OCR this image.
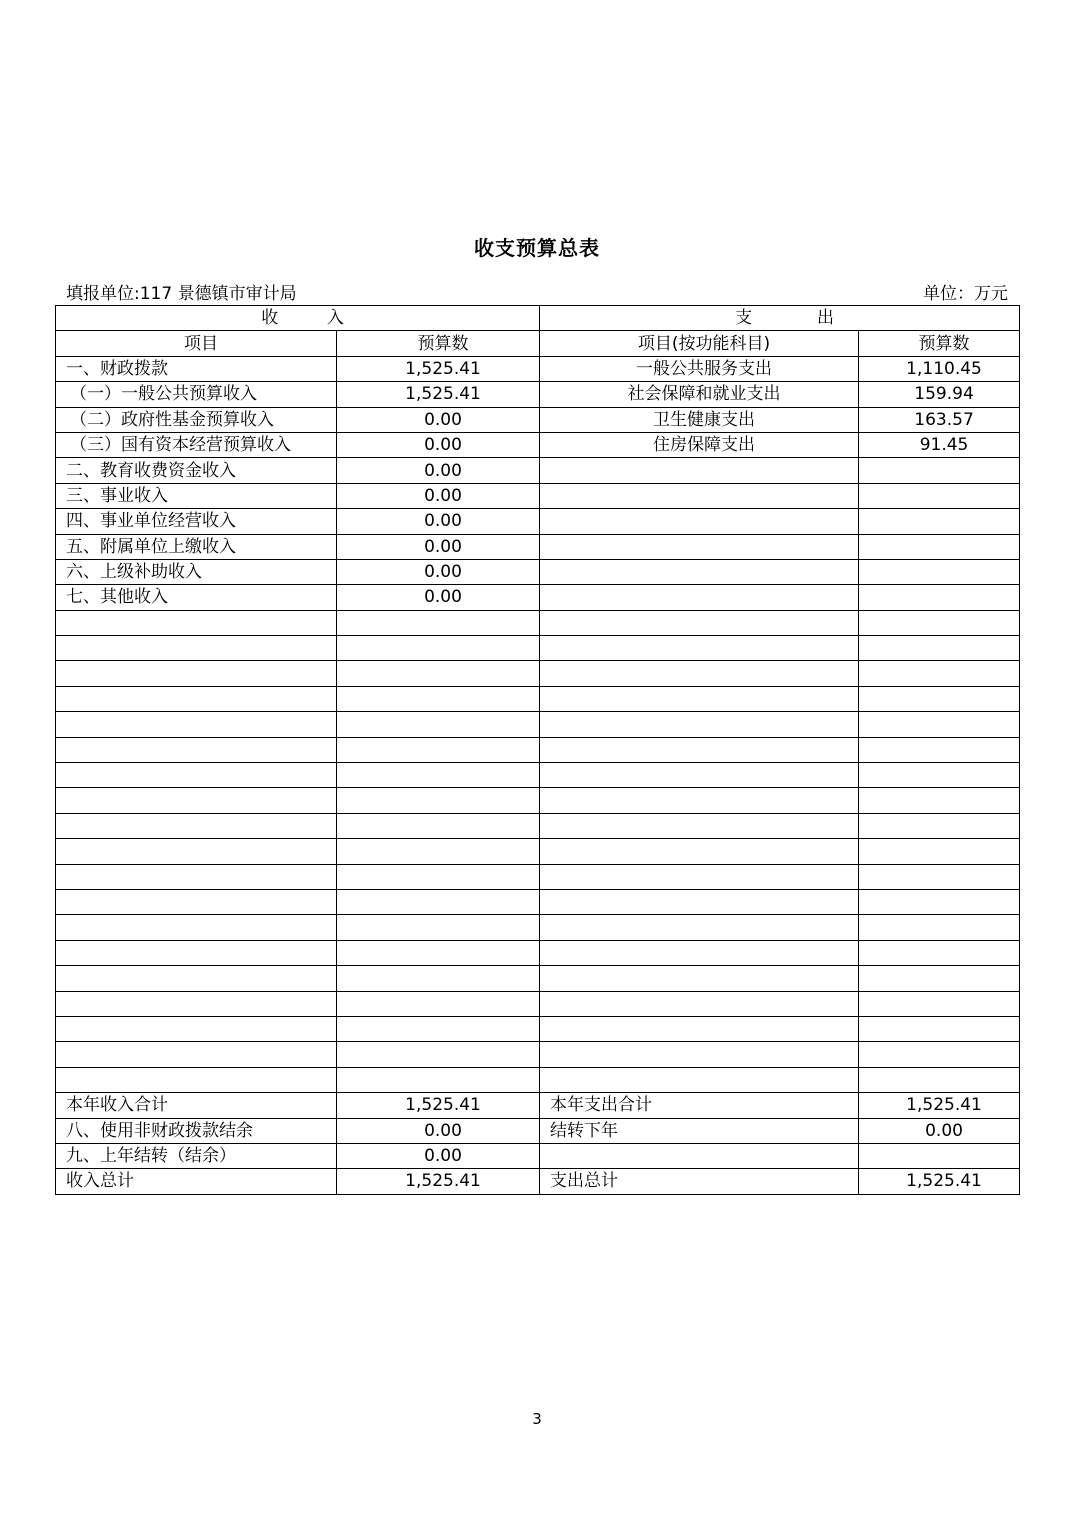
收支预算总表
填报单位:117 景德镇市审计局	单位：万元
收         入		支            出	
项目	预算数	项目(按功能科目)	预算数
一、财政拨款	1,525.41	一般公共服务支出	1,110.45
（一）一般公共预算收入	1,525.41	社会保障和就业支出	159.94
（二）政府性基金预算收入	0.00	卫生健康支出	163.57
（三）国有资本经营预算收入	0.00	住房保障支出	91.45
二、教育收费资金收入	0.00		
三、事业收入	0.00		
四、事业单位经营收入	0.00		
五、附属单位上缴收入	0.00		
六、上级补助收入	0.00		
七、其他收入	0.00		

本年收入合计	1,525.41	本年支出合计	1,525.41
八、使用非财政拨款结余	0.00	结转下年	0.00
九、上年结转（结余）	0.00		
收入总计	1,525.41	支出总计	1,525.41
3
